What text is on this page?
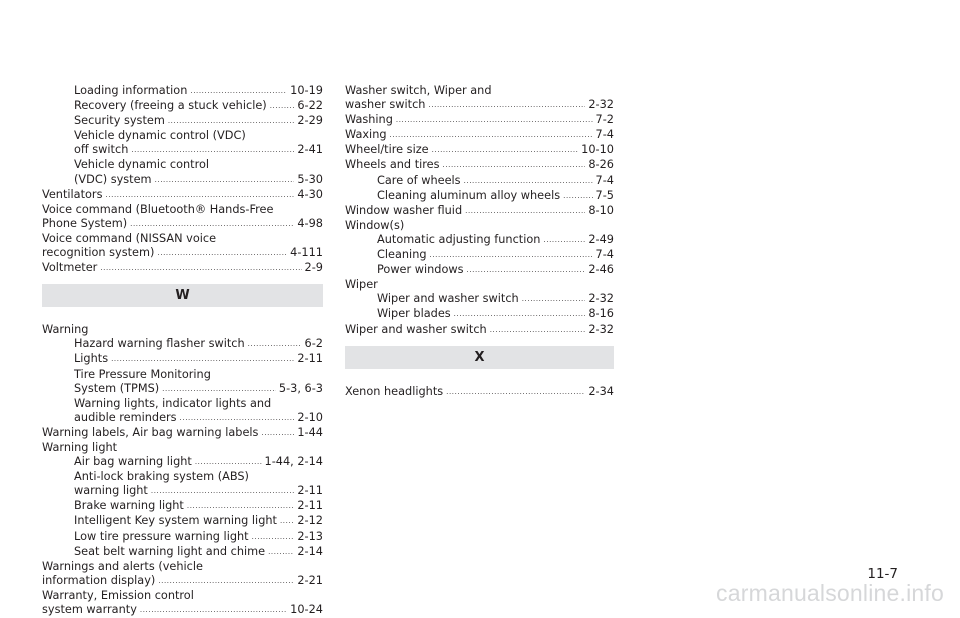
Loading information .....	10-19
Recovery (freeing a stuck vehicle) .....	6-22
Security system .....	2-29
Vehicle dynamic control (VDC)
off switch .....	2-41
Vehicle dynamic control
(VDC) system .....	5-30
Ventilators .....	4-30
Voice command (Bluetooth® Hands-Free
Phone System) .....	4-98
Voice command (NISSAN voice
recognition system) .....	4-111
Voltmeter .....	2-9
W
Warning
Hazard warning flasher switch .....	6-2
Lights .....	2-11
Tire Pressure Monitoring
System (TPMS) .....	5-3, 6-3
Warning lights, indicator lights and
audible reminders .....	2-10
Warning labels, Air bag warning labels .....	1-44
Warning light
Air bag warning light .....	1-44, 2-14
Anti-lock braking system (ABS)
warning light .....	2-11
Brake warning light .....	2-11
Intelligent Key system warning light ..... 2-12
Low tire pressure warning light .....	2-13
Seat belt warning light and chime .....	2-14
Warnings and alerts (vehicle
information display) .....	2-21
Warranty, Emission control
system warranty .....	10-24
Washer switch, Wiper and
washer switch .....	2-32
Washing .....	7-2
Waxing .....	7-4
Wheel/tire size .....	10-10
Wheels and tires .....	8-26
Care of wheels .....	7-4
Cleaning aluminum alloy wheels .....	7-5
Window washer fluid .....	8-10
Window(s)
Automatic adjusting function .....	2-49
Cleaning .....	7-4
Power windows .....	2-46
Wiper
Wiper and washer switch .....	2-32
Wiper blades .....	8-16
Wiper and washer switch .....	2-32
X
Xenon headlights .....	2-34
11-7
carmanualsonline.info
